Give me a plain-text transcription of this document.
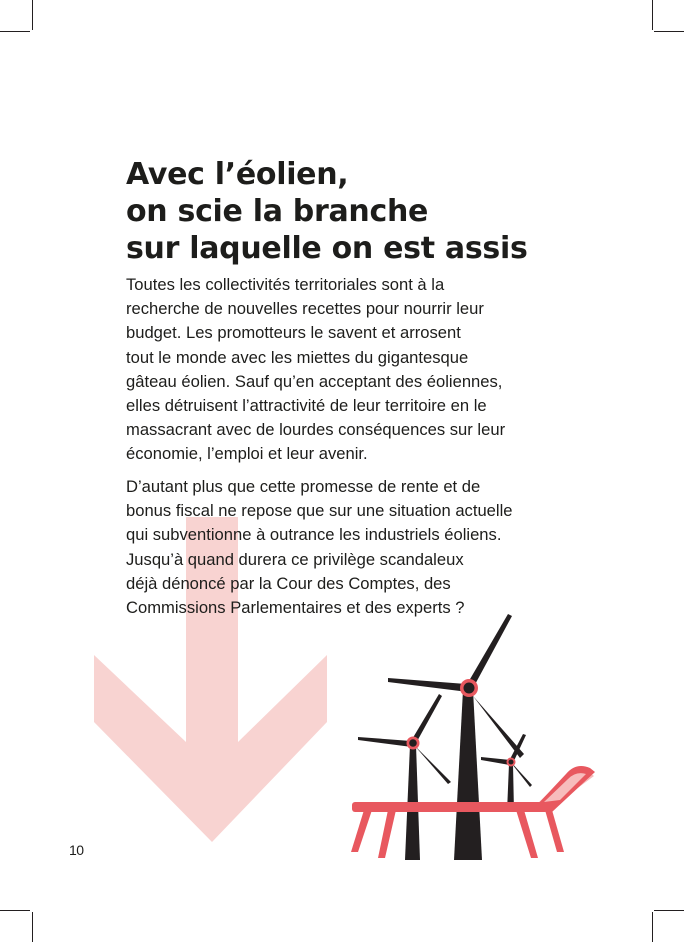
Avec l’éolien,
on scie la branche
sur laquelle on est assis
Toutes les collectivités territoriales sont à la
recherche de nouvelles recettes pour nourrir leur
budget. Les promotteurs le savent et arrosent
tout le monde avec les miettes du gigantesque
gâteau éolien. Sauf qu’en acceptant des éoliennes,
elles détruisent l’attractivité de leur territoire en le
massacrant avec de lourdes conséquences sur leur
économie, l’emploi et leur avenir.
D’autant plus que cette promesse de rente et de
bonus fiscal ne repose que sur une situation actuelle
qui subventionne à outrance les industriels éoliens.
Jusqu’à quand durera ce privilège scandaleux
déjà dénoncé par la Cour des Comptes, des
Commissions Parlementaires et des experts ?
10
